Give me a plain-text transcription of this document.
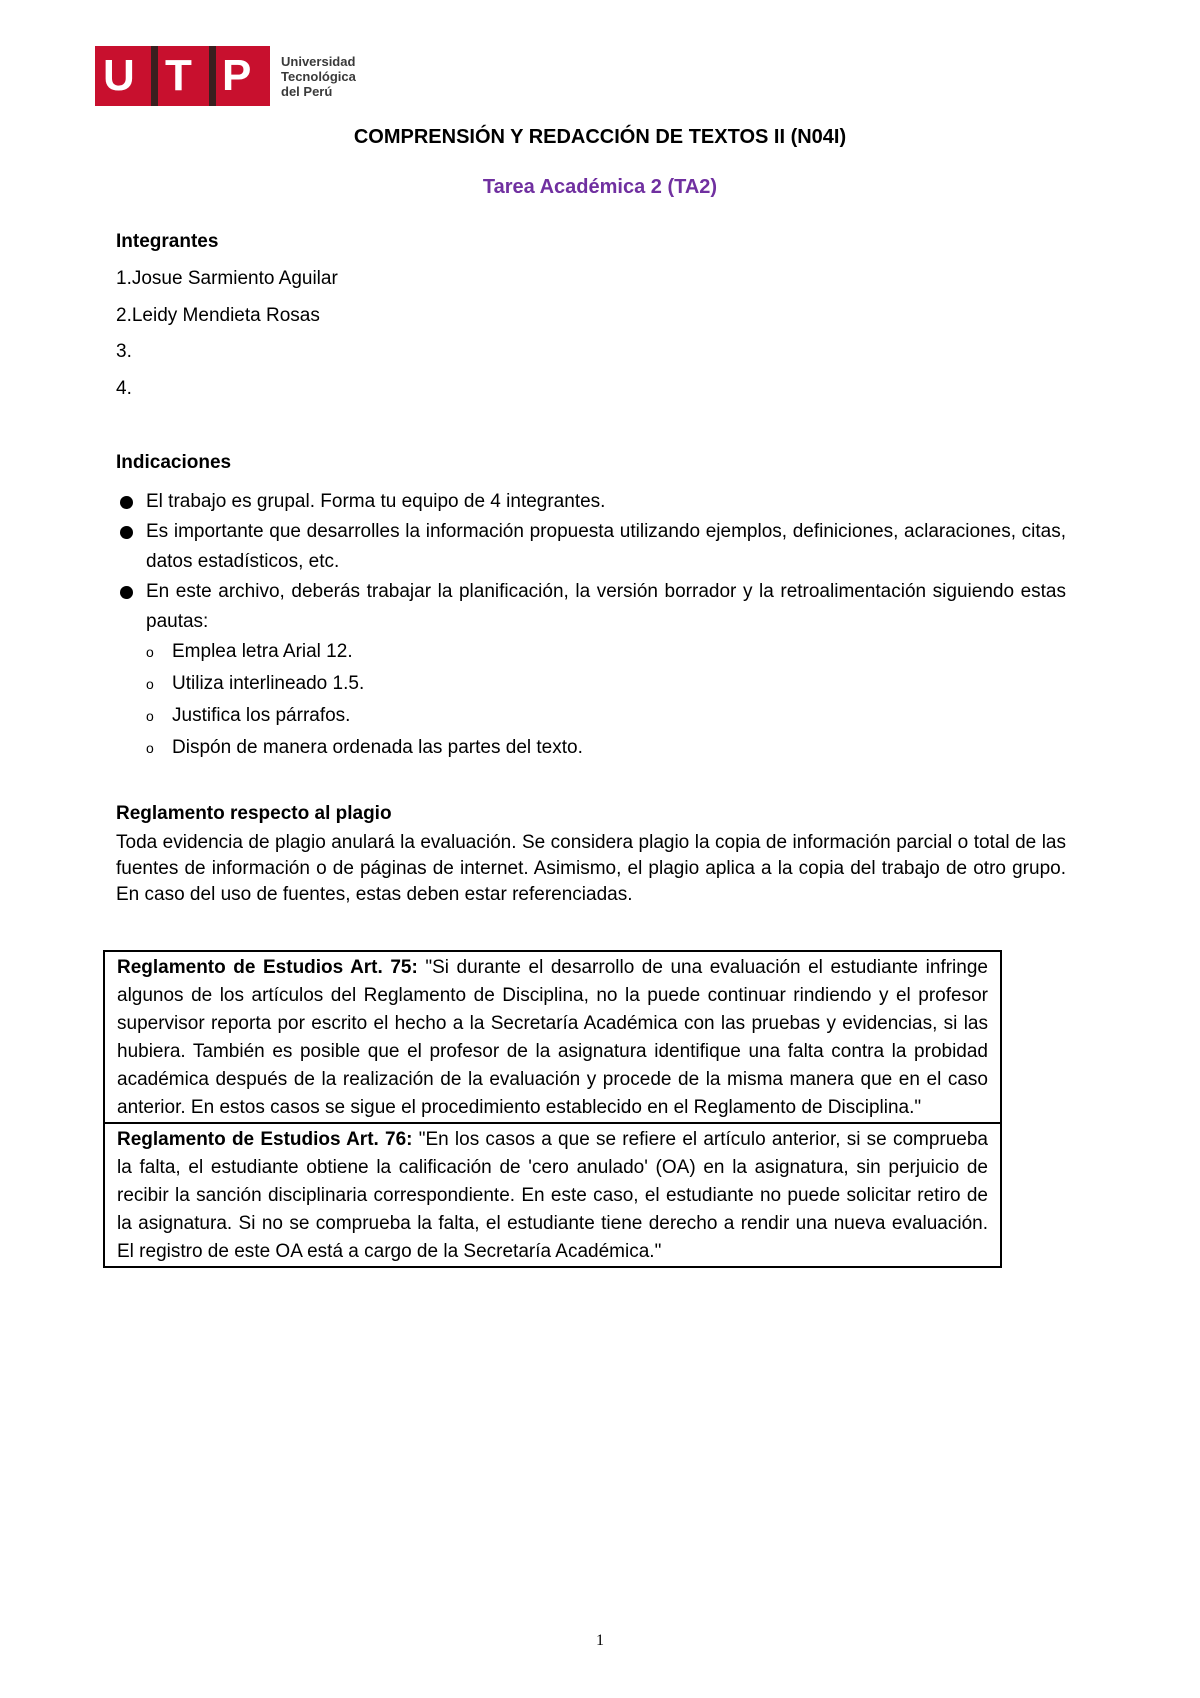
U T P Universidad
Tecnológica
del Perú
COMPRENSIÓN Y REDACCIÓN DE TEXTOS II (N04I)
Tarea Académica 2 (TA2)
Integrantes
1.Josue Sarmiento Aguilar
2.Leidy Mendieta Rosas
3.
4.
Indicaciones
El trabajo es grupal. Forma tu equipo de 4 integrantes.
Es importante que desarrolles la información propuesta utilizando ejemplos, definiciones, aclaraciones, citas, datos estadísticos, etc.
En este archivo, deberás trabajar la planificación, la versión borrador y la retroalimentación siguiendo estas pautas:
o Emplea letra Arial 12.
o Utiliza interlineado 1.5.
o Justifica los párrafos.
o Dispón de manera ordenada las partes del texto.
Reglamento respecto al plagio
Toda evidencia de plagio anulará la evaluación. Se considera plagio la copia de información parcial o total de las fuentes de información o de páginas de internet. Asimismo, el plagio aplica a la copia del trabajo de otro grupo. En caso del uso de fuentes, estas deben estar referenciadas.
Reglamento de Estudios Art. 75: "Si durante el desarrollo de una evaluación el estudiante infringe algunos de los artículos del Reglamento de Disciplina, no la puede continuar rindiendo y el profesor supervisor reporta por escrito el hecho a la Secretaría Académica con las pruebas y evidencias, si las hubiera. También es posible que el profesor de la asignatura identifique una falta contra la probidad académica después de la realización de la evaluación y procede de la misma manera que en el caso anterior. En estos casos se sigue el procedimiento establecido en el Reglamento de Disciplina."
Reglamento de Estudios Art. 76: "En los casos a que se refiere el artículo anterior, si se comprueba la falta, el estudiante obtiene la calificación de 'cero anulado' (OA) en la asignatura, sin perjuicio de recibir la sanción disciplinaria correspondiente. En este caso, el estudiante no puede solicitar retiro de la asignatura. Si no se comprueba la falta, el estudiante tiene derecho a rendir una nueva evaluación. El registro de este OA está a cargo de la Secretaría Académica."
1
